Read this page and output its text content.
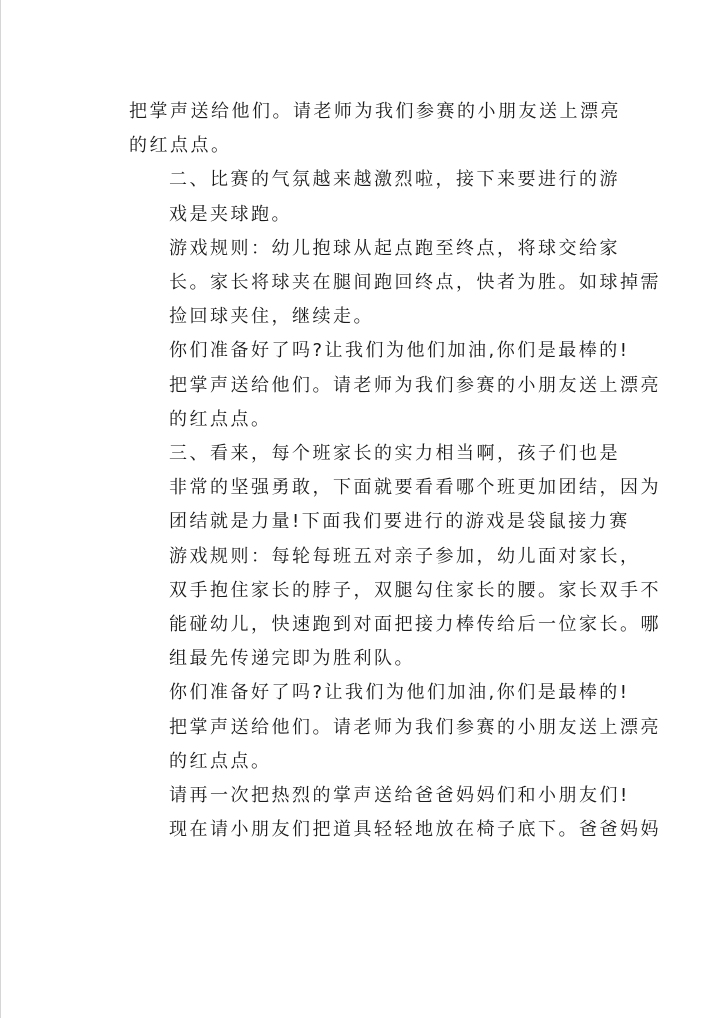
把掌声送给他们。请老师为我们参赛的小朋友送上漂亮
的红点点。

二、比赛的气氛越来越激烈啦，接下来要进行的游
戏是夹球跑。

游戏规则：幼儿抱球从起点跑至终点，将球交给家
长。家长将球夹在腿间跑回终点，快者为胜。如球掉需
捡回球夹住，继续走。

你们准备好了吗?让我们为他们加油,你们是最棒的!
把掌声送给他们。请老师为我们参赛的小朋友送上漂亮
的红点点。

三、看来，每个班家长的实力相当啊，孩子们也是
非常的坚强勇敢，下面就要看看哪个班更加团结，因为
团结就是力量!下面我们要进行的游戏是袋鼠接力赛

游戏规则：每轮每班五对亲子参加，幼儿面对家长，
双手抱住家长的脖子，双腿勾住家长的腰。家长双手不
能碰幼儿，快速跑到对面把接力棒传给后一位家长。哪
组最先传递完即为胜利队。

你们准备好了吗?让我们为他们加油,你们是最棒的!
把掌声送给他们。请老师为我们参赛的小朋友送上漂亮
的红点点。

请再一次把热烈的掌声送给爸爸妈妈们和小朋友们!
现在请小朋友们把道具轻轻地放在椅子底下。爸爸妈妈
